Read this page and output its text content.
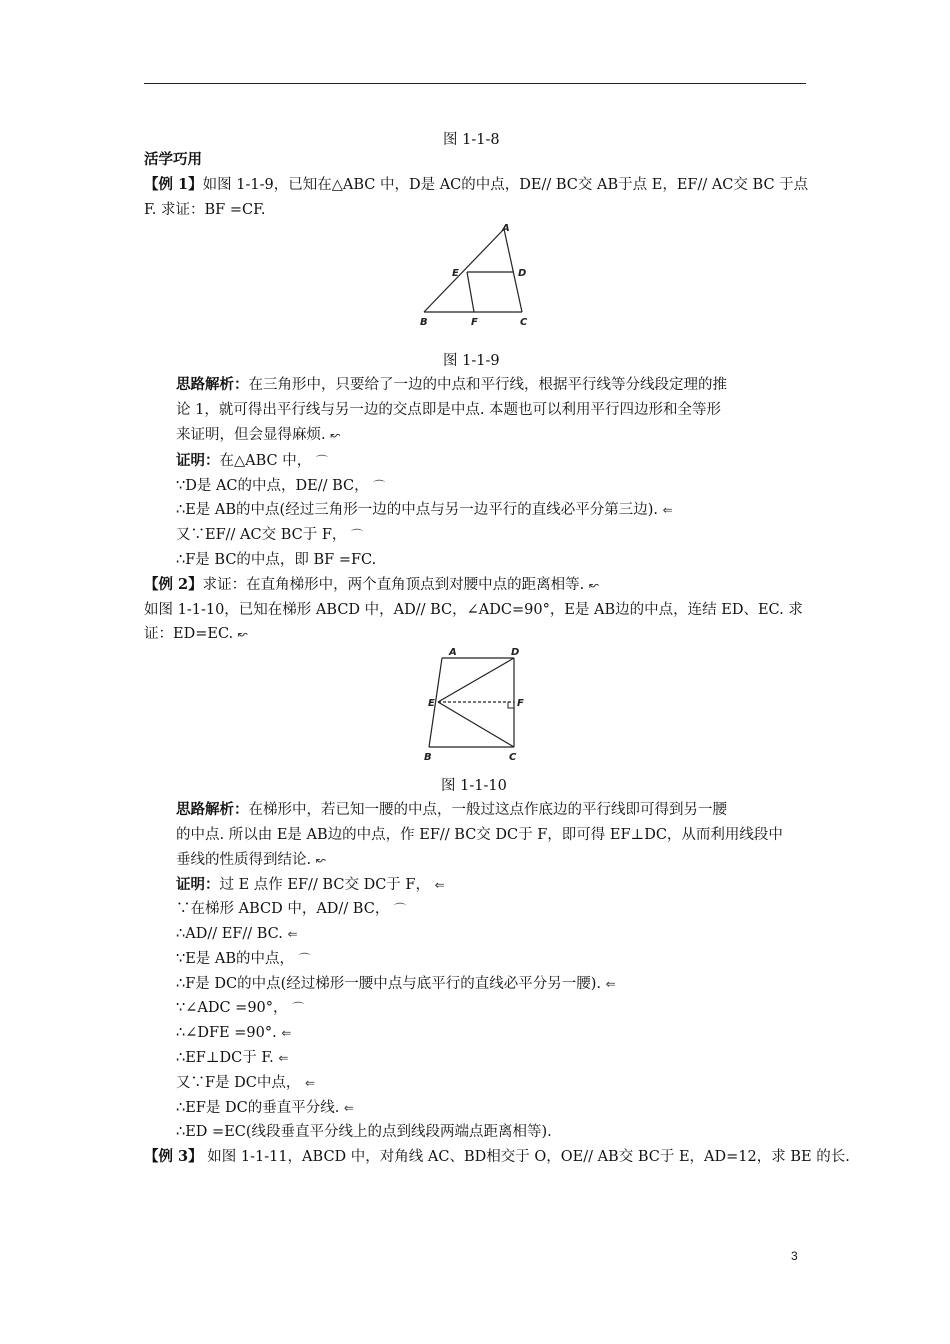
图 1-1-8
活学巧用
【例 1】如图 1-1-9，已知在△ABC 中，D是 AC的中点，DE// BC交 AB于点 E，EF// AC交 BC 于点
F. 求证：BF =CF.
A
D
E
B	F	C
图 1-1-9
思路解析：在三角形中，只要给了一边的中点和平行线，根据平行线等分线段定理的推
论 1，就可得出平行线与另一边的交点即是中点. 本题也可以利用平行四边形和全等形
来证明，但会显得麻烦. ↜
证明：在△ABC 中， ⌒
∵D是 AC的中点，DE// BC， ⌒
∴E是 AB的中点(经过三角形一边的中点与另一边平行的直线必平分第三边). ⇐
又∵EF// AC交 BC于 F， ⌒
∴F是 BC的中点，即 BF =FC.
【例 2】求证：在直角梯形中，两个直角顶点到对腰中点的距离相等. ↜
如图 1-1-10，已知在梯形 ABCD 中，AD// BC，∠ADC=90°，E是 AB边的中点，连结 ED、EC. 求
证：ED=EC. ↜
A	D
E	F
B	C
图 1-1-10
思路解析：在梯形中，若已知一腰的中点，一般过这点作底边的平行线即可得到另一腰
的中点. 所以由 E是 AB边的中点，作 EF// BC交 DC于 F，即可得 EF⊥DC，从而利用线段中
垂线的性质得到结论. ↜
证明：过 E 点作 EF// BC交 DC于 F， ⇐
∵在梯形 ABCD 中，AD// BC， ⌒
∴AD// EF// BC. ⇐
∵E是 AB的中点， ⌒
∴F是 DC的中点(经过梯形一腰中点与底平行的直线必平分另一腰). ⇐
∵∠ADC =90°， ⌒
∴∠DFE =90°. ⇐
∴EF⊥DC于 F. ⇐
又∵F是 DC中点， ⇐
∴EF是 DC的垂直平分线. ⇐
∴ED =EC(线段垂直平分线上的点到线段两端点距离相等).
【例 3】 如图 1-1-11，ABCD 中，对角线 AC、BD相交于 O，OE// AB交 BC于 E，AD=12，求 BE 的长.
3
